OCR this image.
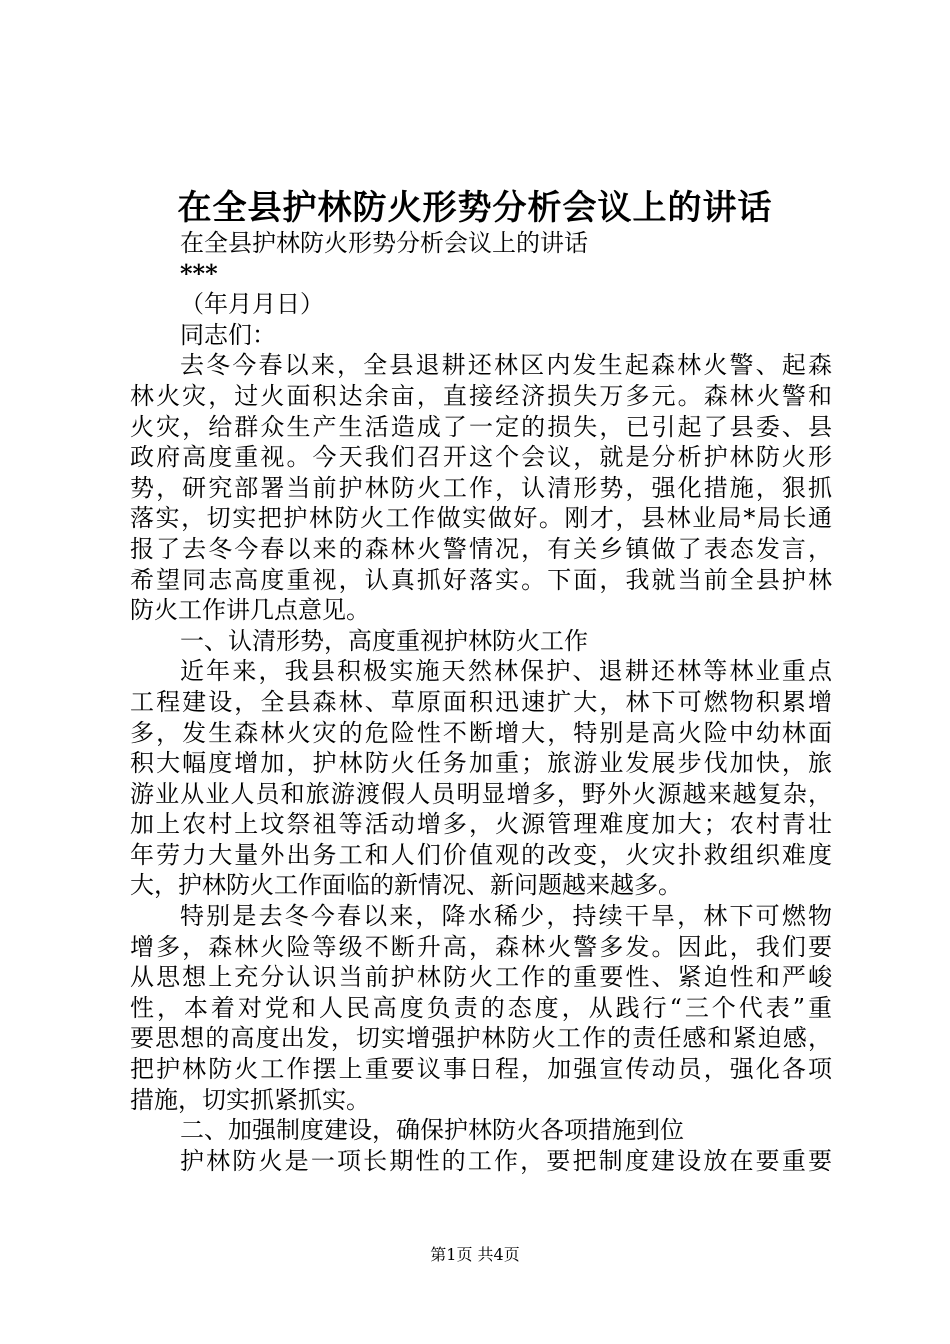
在全县护林防火形势分析会议上的讲话
在全县护林防火形势分析会议上的讲话
***
（年月月日）
同志们：
去冬今春以来，全县退耕还林区内发生起森林火警、起森
林火灾，过火面积达余亩，直接经济损失万多元。森林火警和
火灾，给群众生产生活造成了一定的损失，已引起了县委、县
政府高度重视。今天我们召开这个会议，就是分析护林防火形
势，研究部署当前护林防火工作，认清形势，强化措施，狠抓
落实，切实把护林防火工作做实做好。刚才，县林业局*局长通
报了去冬今春以来的森林火警情况，有关乡镇做了表态发言，
希望同志高度重视，认真抓好落实。下面，我就当前全县护林
防火工作讲几点意见。
一、认清形势，高度重视护林防火工作
近年来，我县积极实施天然林保护、退耕还林等林业重点
工程建设，全县森林、草原面积迅速扩大，林下可燃物积累增
多，发生森林火灾的危险性不断增大，特别是高火险中幼林面
积大幅度增加，护林防火任务加重；旅游业发展步伐加快，旅
游业从业人员和旅游渡假人员明显增多，野外火源越来越复杂，
加上农村上坟祭祖等活动增多，火源管理难度加大；农村青壮
年劳力大量外出务工和人们价值观的改变，火灾扑救组织难度
大，护林防火工作面临的新情况、新问题越来越多。
特别是去冬今春以来，降水稀少，持续干旱，林下可燃物
增多，森林火险等级不断升高，森林火警多发。因此，我们要
从思想上充分认识当前护林防火工作的重要性、紧迫性和严峻
性，本着对党和人民高度负责的态度，从践行“三个代表”重
要思想的高度出发，切实增强护林防火工作的责任感和紧迫感，
把护林防火工作摆上重要议事日程，加强宣传动员，强化各项
措施，切实抓紧抓实。
二、加强制度建设，确保护林防火各项措施到位
护林防火是一项长期性的工作，要把制度建设放在要重要
第1页 共4页
